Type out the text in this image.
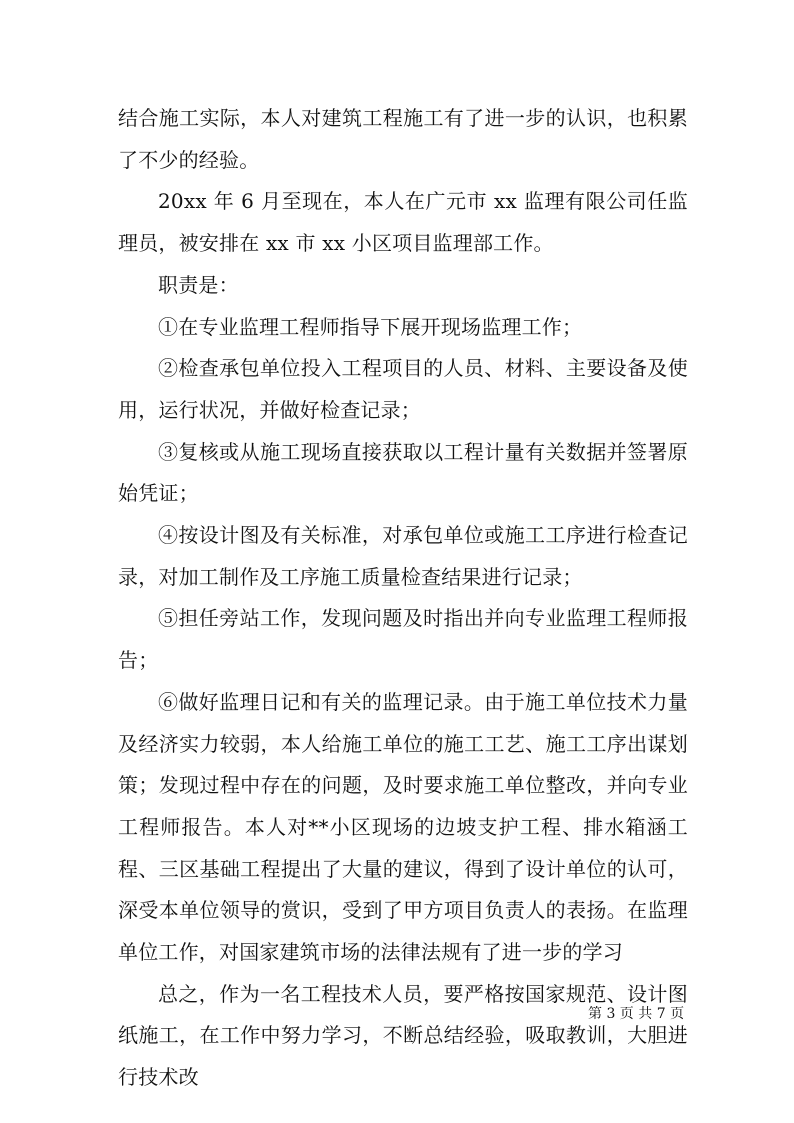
结合施工实际，本人对建筑工程施工有了进一步的认识，也积累了不少的经验。

20xx 年 6 月至现在，本人在广元市 xx 监理有限公司任监理员，被安排在 xx 市 xx 小区项目监理部工作。

职责是：

①在专业监理工程师指导下展开现场监理工作；

②检查承包单位投入工程项目的人员、材料、主要设备及使用，运行状况，并做好检查记录；

③复核或从施工现场直接获取以工程计量有关数据并签署原始凭证；

④按设计图及有关标准，对承包单位或施工工序进行检查记录，对加工制作及工序施工质量检查结果进行记录；

⑤担任旁站工作，发现问题及时指出并向专业监理工程师报告；

⑥做好监理日记和有关的监理记录。由于施工单位技术力量及经济实力较弱，本人给施工单位的施工工艺、施工工序出谋划策；发现过程中存在的问题，及时要求施工单位整改，并向专业工程师报告。本人对**小区现场的边坡支护工程、排水箱涵工程、三区基础工程提出了大量的建议，得到了设计单位的认可，深受本单位领导的赏识，受到了甲方项目负责人的表扬。在监理单位工作，对国家建筑市场的法律法规有了进一步的学习

总之，作为一名工程技术人员，要严格按国家规范、设计图纸施工，在工作中努力学习，不断总结经验，吸取教训，大胆进行技术改

第 3 页 共 7 页
